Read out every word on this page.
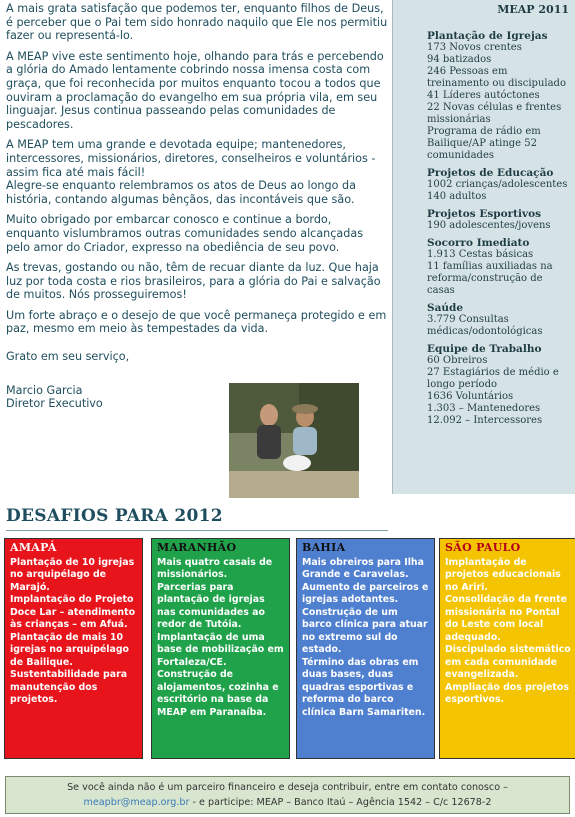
A mais grata satisfação que podemos ter, enquanto filhos de Deus, é perceber que o Pai tem sido honrado naquilo que Ele nos permitiu fazer ou representá-lo.

A MEAP vive este sentimento hoje, olhando para trás e percebendo a glória do Amado lentamente cobrindo nossa imensa costa com graça, que foi reconhecida por muitos enquanto tocou a todos que ouviram a proclamação do evangelho em sua própria vila, em seu linguajar. Jesus continua passeando pelas comunidades de pescadores.

A MEAP tem uma grande e devotada equipe; mantenedores, intercessores, missionários, diretores, conselheiros e voluntários - assim fica até mais fácil!
Alegre-se enquanto relembramos os atos de Deus ao longo da história, contando algumas bênçãos, das incontáveis que são.

Muito obrigado por embarcar conosco e continue a bordo, enquanto vislumbramos outras comunidades sendo alcançadas pelo amor do Criador, expresso na obediência de seu povo.

As trevas, gostando ou não, têm de recuar diante da luz. Que haja luz por toda costa e rios brasileiros, para a glória do Pai e salvação de muitos. Nós prosseguiremos!

Um forte abraço e o desejo de que você permaneça protegido e em paz, mesmo em meio às tempestades da vida.

Grato em seu serviço,

Marcio Garcia
Diretor Executivo

MEAP 2011
Plantação de Igrejas
173 Novos crentes
94 batizados
246 Pessoas em treinamento ou discipulado
41 Líderes autóctones
22 Novas células e frentes missionárias
Programa de rádio em Bailique/AP atinge 52 comunidades
Projetos de Educação
1002 crianças/adolescentes
140 adultos
Projetos Esportivos
190 adolescentes/jovens
Socorro Imediato
1.913 Cestas básicas
11 famílias auxiliadas na reforma/construção de casas
Saúde
3.779 Consultas médicas/odontológicas
Equipe de Trabalho
60 Obreiros
27 Estagiários de médio e longo período
1636 Voluntários
1.303 – Mantenedores
12.092 – Intercessores
DESAFIOS PARA 2012
AMAPÁ
Plantação de 10 igrejas no arquipélago de Marajó.
Implantação do Projeto Doce Lar – atendimento às crianças – em Afuá.
Plantação de mais 10 igrejas no arquipélago de Bailique.
Sustentabilidade para manutenção dos projetos.
MARANHÃO
Mais quatro casais de missionários.
Parcerias para plantação de igrejas nas comunidades ao redor de Tutóia.
Implantação de uma base de mobilização em Fortaleza/CE.
Construção de alojamentos, cozinha e escritório na base da MEAP em Paranaíba.
BAHIA
Mais obreiros para Ilha Grande e Caravelas.
Aumento de parceiros e igrejas adotantes.
Construção de um barco clínica para atuar no extremo sul do estado.
Término das obras em duas bases, duas quadras esportivas e reforma do barco clínica Barn Samariten.
SÃO PAULO
Implantação de projetos educacionais no Ariri.
Consolidação da frente missionária no Pontal do Leste com local adequado.
Discipulado sistemático em cada comunidade evangelizada.
Ampliação dos projetos esportivos.
Se você ainda não é um parceiro financeiro e deseja contribuir, entre em contato conosco –
meapbr@meap.org.br - e participe: MEAP – Banco Itaú – Agência 1542 – C/c 12678-2
